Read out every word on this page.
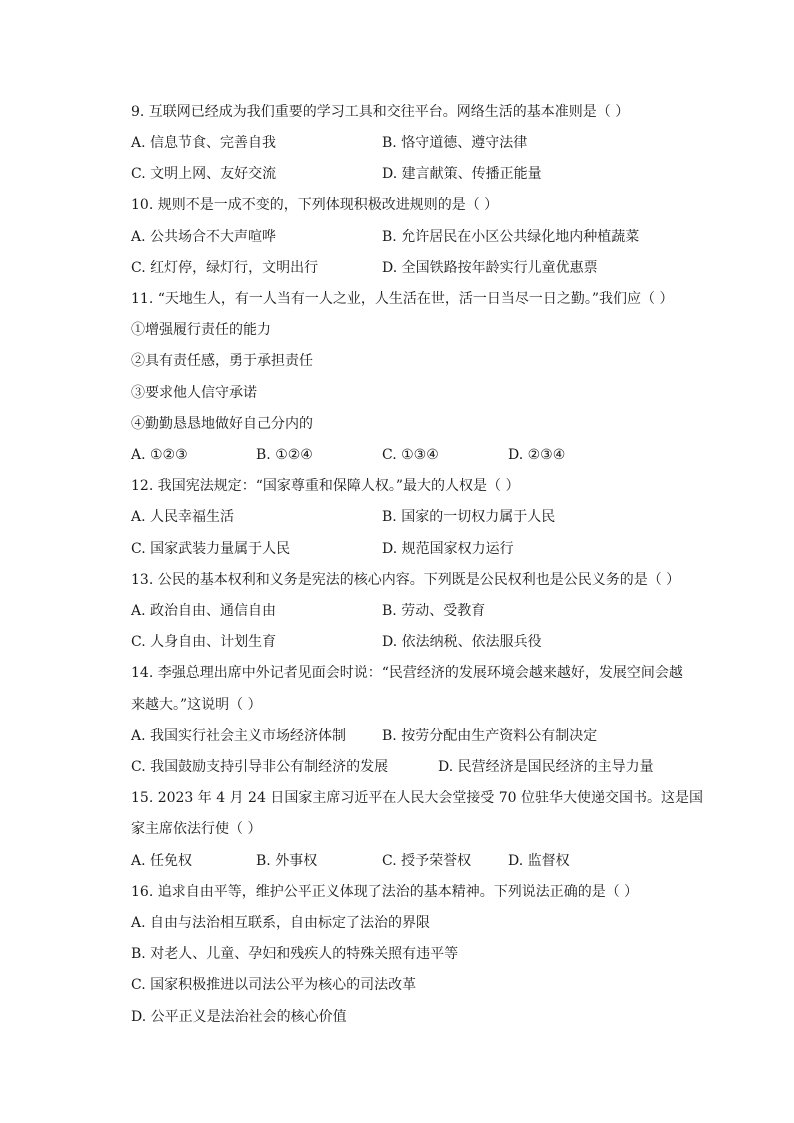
9. 互联网已经成为我们重要的学习工具和交往平台。网络生活的基本准则是（ ）
A. 信息节食、完善自我	B. 恪守道德、遵守法律
C. 文明上网、友好交流	D. 建言献策、传播正能量
10. 规则不是一成不变的，下列体现积极改进规则的是（ ）
A. 公共场合不大声喧哗	B. 允许居民在小区公共绿化地内种植蔬菜
C. 红灯停，绿灯行，文明出行	D. 全国铁路按年龄实行儿童优惠票
11. “天地生人，有一人当有一人之业，人生活在世，活一日当尽一日之勤。”我们应（ ）
①增强履行责任的能力
②具有责任感，勇于承担责任
③要求他人信守承诺
④勤勤恳恳地做好自己分内的
A. ①②③	B. ①②④	C. ①③④	D. ②③④
12. 我国宪法规定：“国家尊重和保障人权。”最大的人权是（ ）
A. 人民幸福生活	B. 国家的一切权力属于人民
C. 国家武装力量属于人民	D. 规范国家权力运行
13. 公民的基本权利和义务是宪法的核心内容。下列既是公民权利也是公民义务的是（ ）
A. 政治自由、通信自由	B. 劳动、受教育
C. 人身自由、计划生育	D. 依法纳税、依法服兵役
14. 李强总理出席中外记者见面会时说：“民营经济的发展环境会越来越好，发展空间会越
来越大。”这说明（ ）
A. 我国实行社会主义市场经济体制	B. 按劳分配由生产资料公有制决定
C. 我国鼓励支持引导非公有制经济的发展	D. 民营经济是国民经济的主导力量
15. 2023 年 4 月 24 日国家主席习近平在人民大会堂接受 70 位驻华大使递交国书。这是国
家主席依法行使（ ）
A. 任免权	B. 外事权	C. 授予荣誉权	D. 监督权
16. 追求自由平等，维护公平正义体现了法治的基本精神。下列说法正确的是（ ）
A. 自由与法治相互联系，自由标定了法治的界限
B. 对老人、儿童、孕妇和残疾人的特殊关照有违平等
C. 国家积极推进以司法公平为核心的司法改革
D. 公平正义是法治社会的核心价值
